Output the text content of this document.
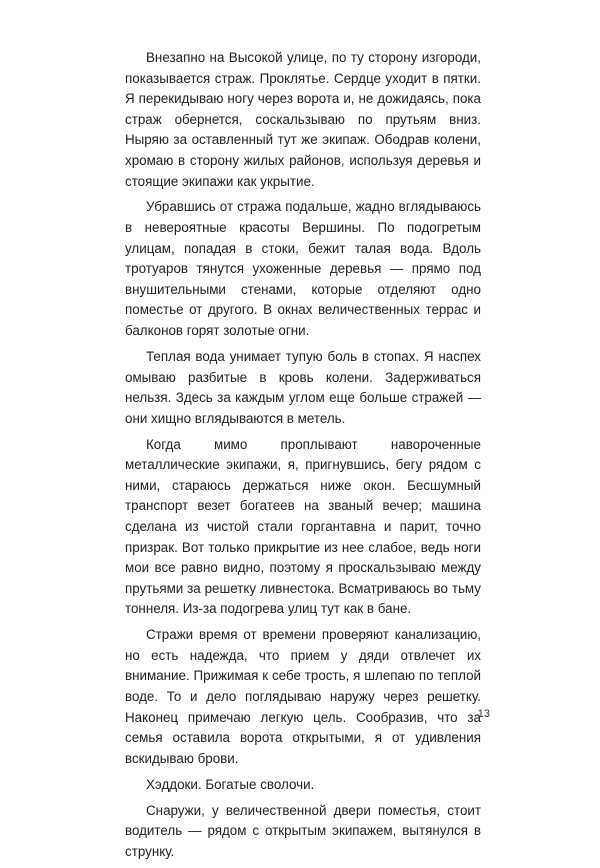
Внезапно на Высокой улице, по ту сторону изгороди, показывается страж. Проклятье. Сердце уходит в пятки. Я перекидываю ногу через ворота и, не дожидаясь, пока страж обернется, соскальзываю по прутьям вниз. Ныряю за оставленный тут же экипаж. Ободрав колени, хромаю в сторону жилых районов, используя деревья и стоящие экипажи как укрытие.

Убравшись от стража подальше, жадно вглядываюсь в невероятные красоты Вершины. По подогретым улицам, попадая в стоки, бежит талая вода. Вдоль тротуаров тянутся ухоженные деревья — прямо под внушительными стенами, которые отделяют одно поместье от другого. В окнах величественных террас и балконов горят золотые огни.

Теплая вода унимает тупую боль в стопах. Я наспех омываю разбитые в кровь колени. Задерживаться нельзя. Здесь за каждым углом еще больше стражей — они хищно вглядываются в метель.

Когда мимо проплывают навороченные металлические экипажи, я, пригнувшись, бегу рядом с ними, стараюсь держаться ниже окон. Бесшумный транспорт везет богатеев на званый вечер; машина сделана из чистой стали горгантавна и парит, точно призрак. Вот только прикрытие из нее слабое, ведь ноги мои все равно видно, поэтому я проскальзываю между прутьями за решетку ливнестока. Всматриваюсь во тьму тоннеля. Из-за подогрева улиц тут как в бане.

Стражи время от времени проверяют канализацию, но есть надежда, что прием у дяди отвлечет их внимание. Прижимая к себе трость, я шлепаю по теплой воде. То и дело поглядываю наружу через решетку. Наконец примечаю легкую цель. Сообразив, что за семья оставила ворота открытыми, я от удивления вскидываю брови.

Хэддоки. Богатые сволочи.

Снаружи, у величественной двери поместья, стоит водитель — рядом с открытым экипажем, вытянулся в струнку.

13
